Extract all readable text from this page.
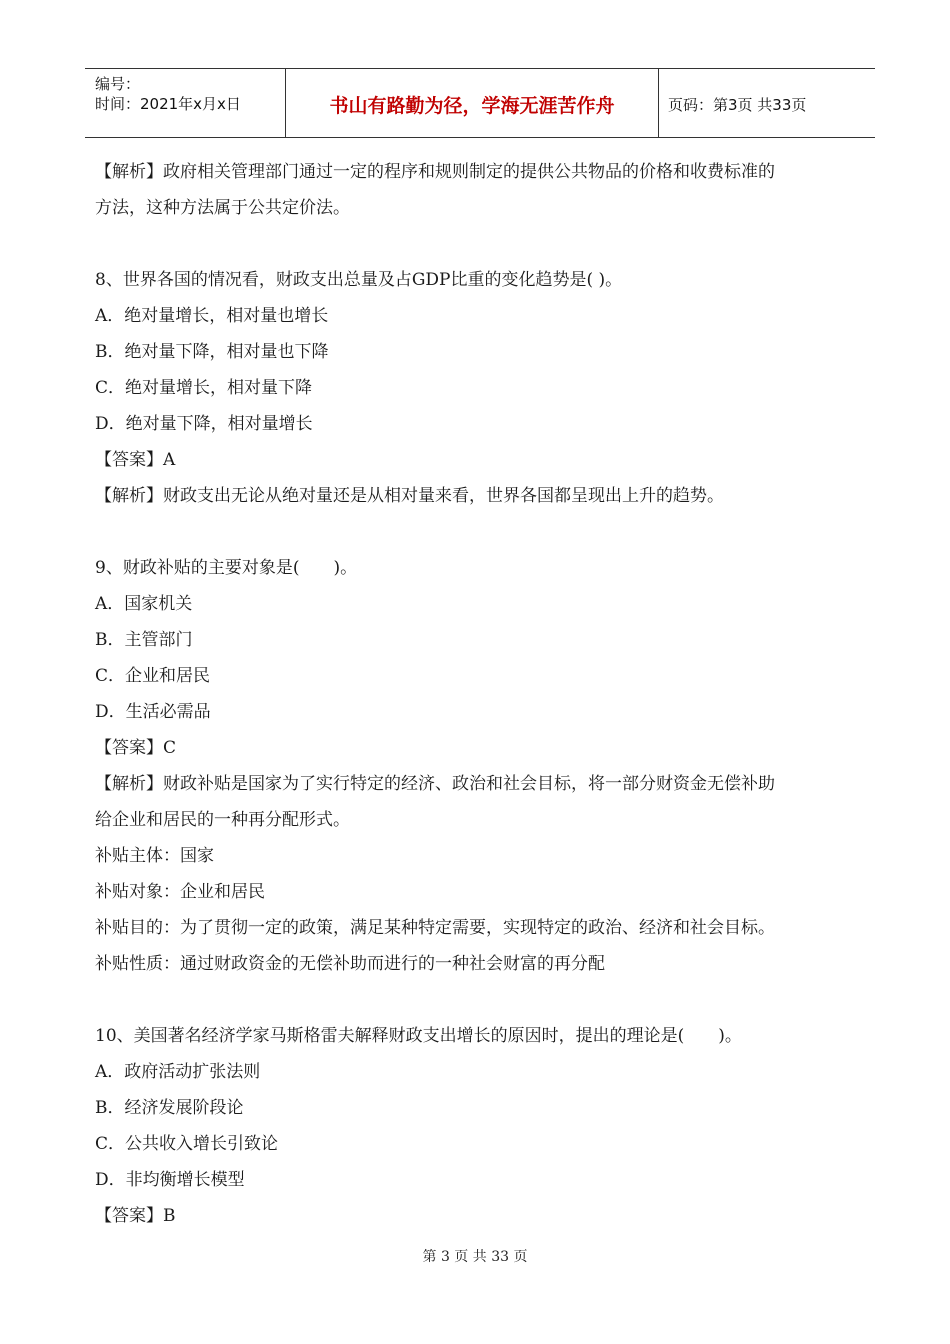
编号：
时间：2021年x月x日	书山有路勤为径，学海无涯苦作舟	页码：第3页 共33页
【解析】政府相关管理部门通过一定的程序和规则制定的提供公共物品的价格和收费标准的
方法，这种方法属于公共定价法。
8、世界各国的情况看，财政支出总量及占GDP比重的变化趋势是( )。
A．绝对量增长，相对量也增长
B．绝对量下降，相对量也下降
C．绝对量增长，相对量下降
D．绝对量下降，相对量增长
【答案】A
【解析】财政支出无论从绝对量还是从相对量来看，世界各国都呈现出上升的趋势。
9、财政补贴的主要对象是(　　)。
A．国家机关
B．主管部门
C．企业和居民
D．生活必需品
【答案】C
【解析】财政补贴是国家为了实行特定的经济、政治和社会目标，将一部分财资金无偿补助
给企业和居民的一种再分配形式。
补贴主体：国家
补贴对象：企业和居民
补贴目的：为了贯彻一定的政策，满足某种特定需要，实现特定的政治、经济和社会目标。
补贴性质：通过财政资金的无偿补助而进行的一种社会财富的再分配
10、美国著名经济学家马斯格雷夫解释财政支出增长的原因时，提出的理论是(　　)。
A．政府活动扩张法则
B．经济发展阶段论
C．公共收入增长引致论
D．非均衡增长模型
【答案】B
第 3 页 共 33 页
